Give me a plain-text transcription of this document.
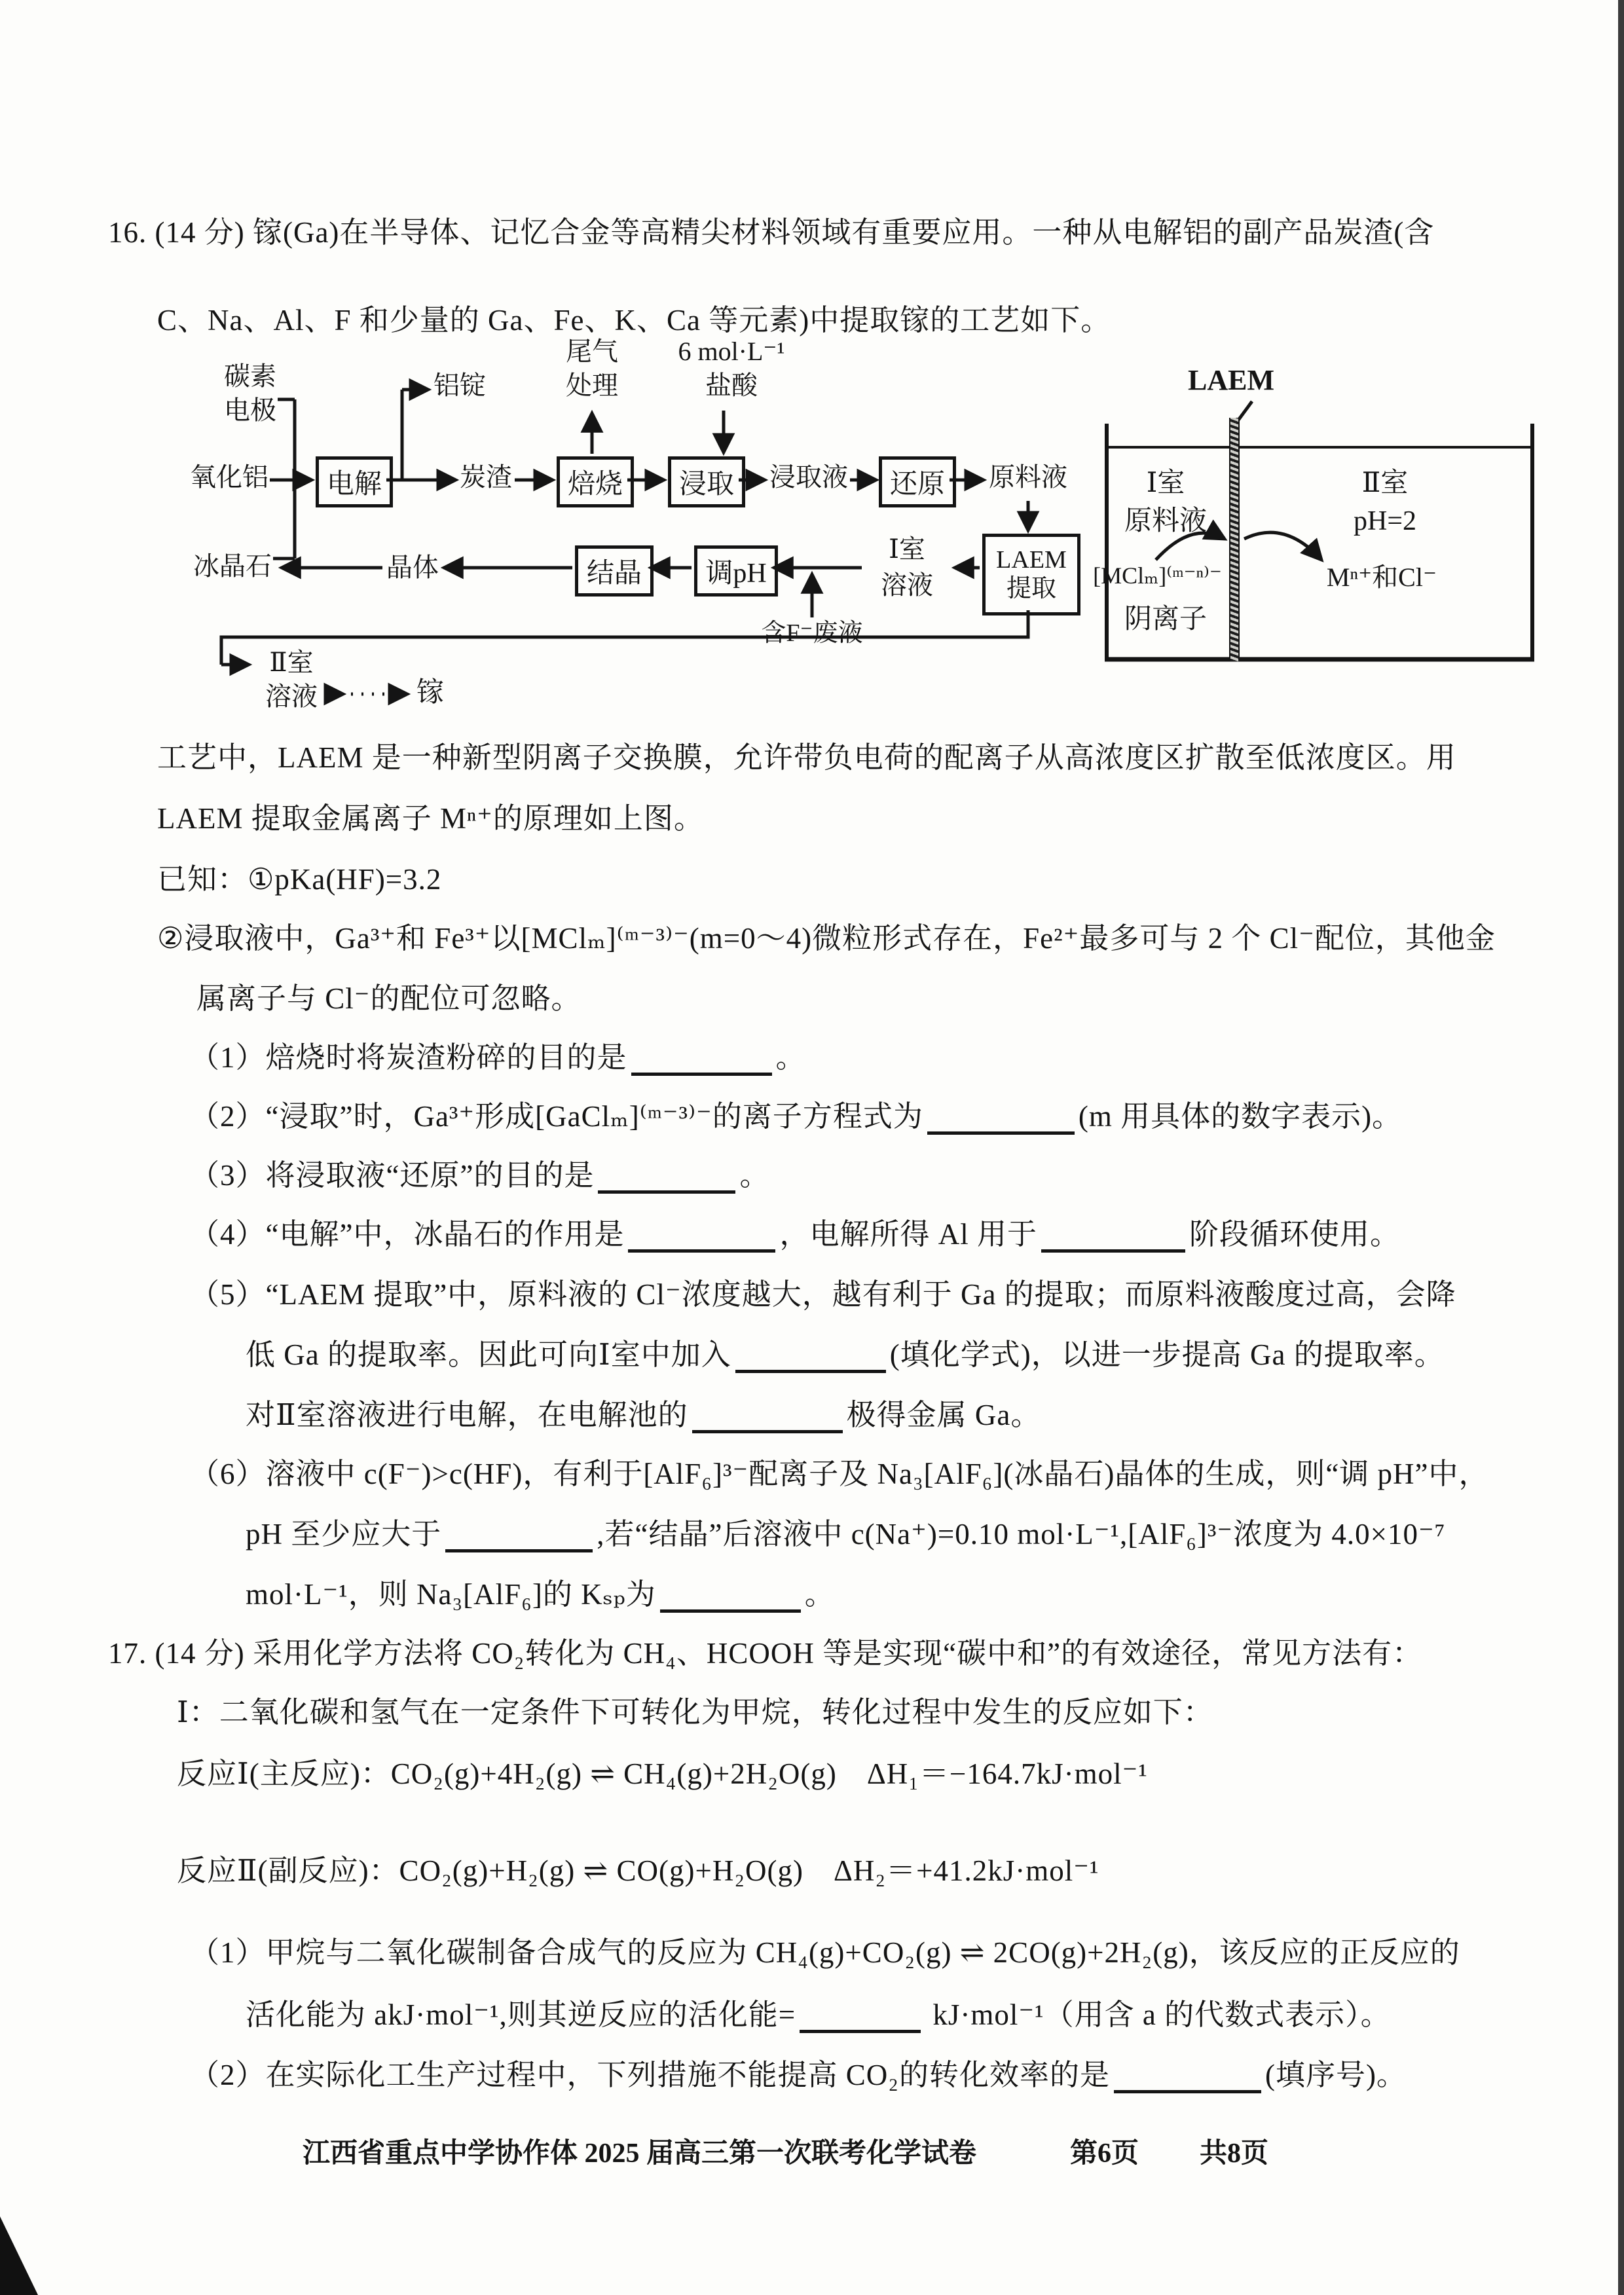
16. (14 分) 镓(Ga)在半导体、记忆合金等高精尖材料领域有重要应用。一种从电解铝的副产品炭渣(含
C、Na、Al、F 和少量的 Ga、Fe、K、Ca 等元素)中提取镓的工艺如下。
碳素
电极
氧化铝
冰晶石
电解
铝锭
炭渣	焙烧
尾气
处理
浸取
6 mol·L⁻¹
盐酸
浸取液	还原	原料液
LAEM
提取
Ⅰ室
溶液
含F⁻废液
调pH
结晶
晶体
Ⅱ室
溶液	镓
LAEM
Ⅰ室
原料液
[MClₘ]⁽ᵐ⁻ⁿ⁾⁻
阴离子
Ⅱ室
pH=2
Mⁿ⁺和Cl⁻
工艺中，LAEM 是一种新型阴离子交换膜，允许带负电荷的配离子从高浓度区扩散至低浓度区。用
LAEM 提取金属离子 Mⁿ⁺的原理如上图。
已知：①pKa(HF)=3.2
②浸取液中，Ga³⁺和 Fe³⁺以[MClₘ]⁽ᵐ⁻³⁾⁻(m=0～4)微粒形式存在，Fe²⁺最多可与 2 个 Cl⁻配位，其他金
属离子与 Cl⁻的配位可忽略。
（1）焙烧时将炭渣粉碎的目的是	。
（2）“浸取”时，Ga³⁺形成[GaClₘ]⁽ᵐ⁻³⁾⁻的离子方程式为	(m 用具体的数字表示)。
（3）将浸取液“还原”的目的是	。
（4）“电解”中，冰晶石的作用是	，电解所得 Al 用于	阶段循环使用。
（5）“LAEM 提取”中，原料液的 Cl⁻浓度越大，越有利于 Ga 的提取；而原料液酸度过高，会降
低 Ga 的提取率。因此可向Ⅰ室中加入	(填化学式)，以进一步提高 Ga 的提取率。
对Ⅱ室溶液进行电解，在电解池的	极得金属 Ga。
（6）溶液中 c(F⁻)>c(HF)，有利于[AlF₆]³⁻配离子及 Na₃[AlF₆](冰晶石)晶体的生成，则“调 pH”中，
pH 至少应大于	,若“结晶”后溶液中 c(Na⁺)=0.10 mol·L⁻¹,[AlF₆]³⁻浓度为 4.0×10⁻⁷
mol·L⁻¹，则 Na₃[AlF₆]的 Kₛₚ为	。
17. (14 分) 采用化学方法将 CO₂转化为 CH₄、HCOOH 等是实现“碳中和”的有效途径，常见方法有：
Ⅰ：二氧化碳和氢气在一定条件下可转化为甲烷，转化过程中发生的反应如下：
反应Ⅰ(主反应)：CO₂(g)+4H₂(g) ⇌ CH₄(g)+2H₂O(g)　ΔH₁＝−164.7kJ·mol⁻¹
反应Ⅱ(副反应)：CO₂(g)+H₂(g) ⇌ CO(g)+H₂O(g)　ΔH₂＝+41.2kJ·mol⁻¹
（1）甲烷与二氧化碳制备合成气的反应为 CH₄(g)+CO₂(g) ⇌ 2CO(g)+2H₂(g)，该反应的正反应的
活化能为 akJ·mol⁻¹,则其逆反应的活化能=	kJ·mol⁻¹（用含 a 的代数式表示）。
（2）在实际化工生产过程中，下列措施不能提高 CO₂的转化效率的是	(填序号)。
江西省重点中学协作体 2025 届高三第一次联考化学试卷	第6页 共8页
